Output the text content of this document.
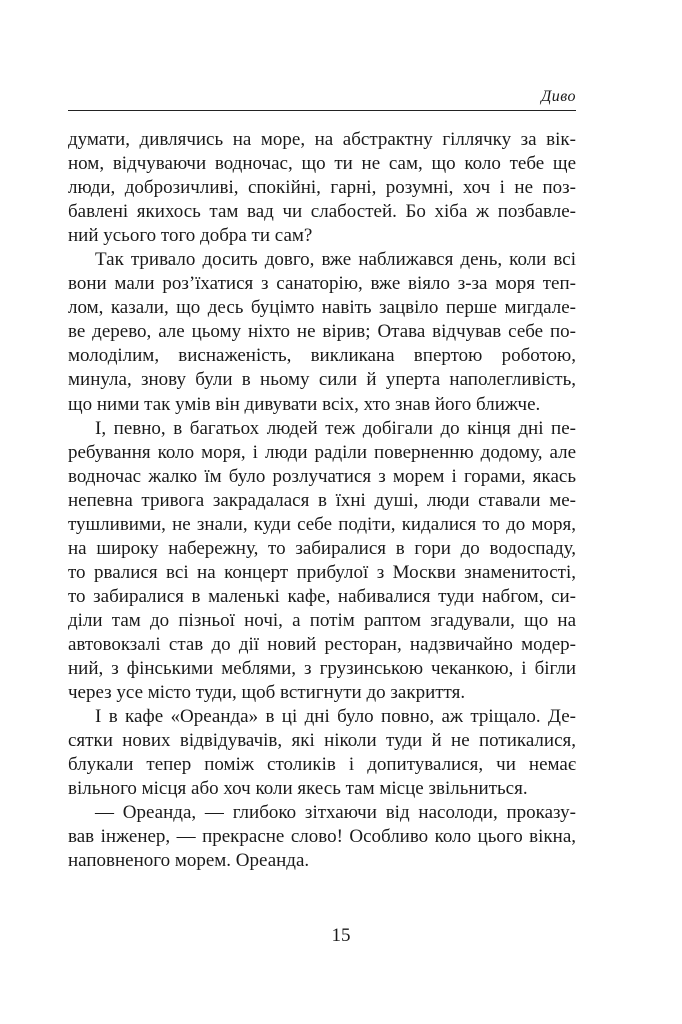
Диво
думати, дивлячись на море, на абстрактну гіллячку за вік-
ном, відчуваючи водночас, що ти не сам, що коло тебе ще
люди, доброзичливі, спокійні, гарні, розумні, хоч і не поз-
бавлені якихось там вад чи слабостей. Бо хіба ж позбавле-
ний усього того добра ти сам?
Так тривало досить довго, вже наближався день, коли всі
вони мали роз’їхатися з санаторію, вже віяло з-за моря теп-
лом, казали, що десь буцімто навіть зацвіло перше мигдале-
ве дерево, але цьому ніхто не вірив; Отава відчував себе по-
молоділим, виснаженість, викликана впертою роботою,
минула, знову були в ньому сили й уперта наполегливість,
що ними так умів він дивувати всіх, хто знав його ближче.
І, певно, в багатьох людей теж добігали до кінця дні пе-
ребування коло моря, і люди раділи поверненню додому, але
водночас жалко їм було розлучатися з морем і горами, якась
непевна тривога закрадалася в їхні душі, люди ставали ме-
тушливими, не знали, куди себе подіти, кидалися то до моря,
на широку набережну, то забиралися в гори до водоспаду,
то рвалися всі на концерт прибулої з Москви знаменитості,
то забиралися в маленькі кафе, набивалися туди набгом, си-
діли там до пізньої ночі, а потім раптом згадували, що на
автовокзалі став до дії новий ресторан, надзвичайно модер-
ний, з фінськими меблями, з грузинською чеканкою, і бігли
через усе місто туди, щоб встигнути до закриття.
І в кафе «Ореанда» в ці дні було повно, аж тріщало. Де-
сятки нових відвідувачів, які ніколи туди й не потикалися,
блукали тепер поміж столиків і допитувалися, чи немає
вільного місця або хоч коли якесь там місце звільниться.
— Ореанда, — глибоко зітхаючи від насолоди, проказу-
вав інженер, — прекрасне слово! Особливо коло цього вікна,
наповненого морем. Ореанда.
15
